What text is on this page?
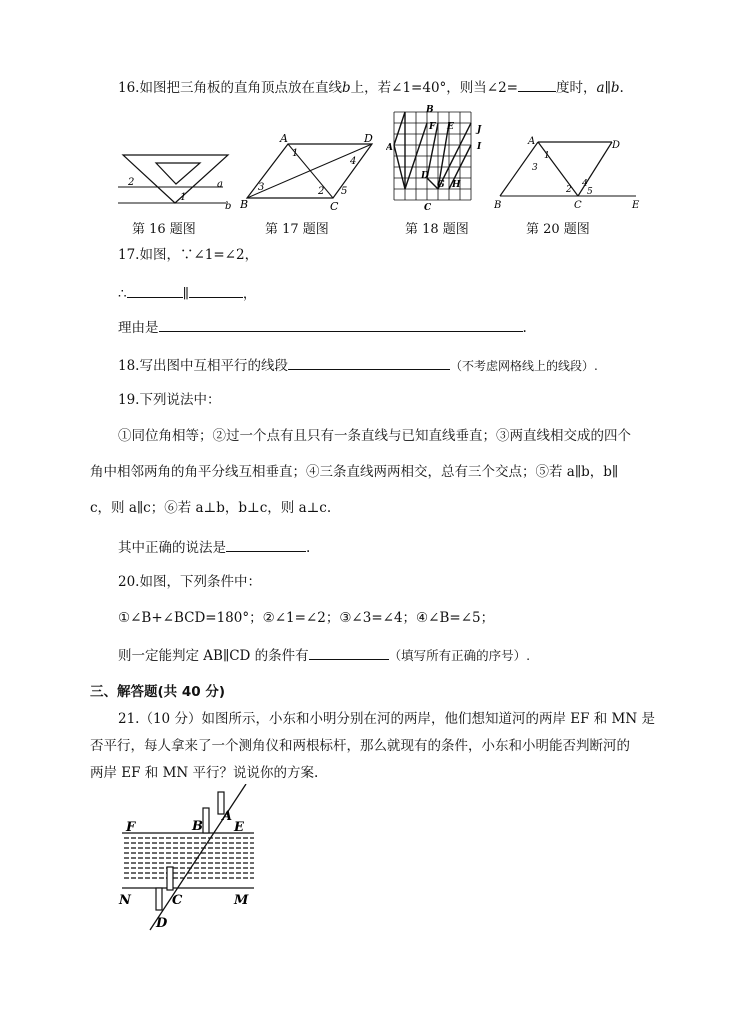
16.如图把三角板的直角顶点放在直线b上，若∠1=40°，则当∠2=	度时，a∥b.
2
1
a
b
A	D
B	C
1
2
3
4
5
B
F E	J
A	I
D
G H
C
A	D
B	C	E
1
2
3
4
5
第 16 题图	第 17 题图	第 18 题图	第 20 题图
17.如图，∵∠1=∠2，
∴	∥	，
理由是	.
18.写出图中互相平行的线段	（不考虑网格线上的线段）.
19.下列说法中：
①同位角相等；②过一个点有且只有一条直线与已知直线垂直；③两直线相交成的四个
角中相邻两角的角平分线互相垂直；④三条直线两两相交，总有三个交点；⑤若 a∥b，b∥
c，则 a∥c；⑥若 a⊥b，b⊥c，则 a⊥c.
其中正确的说法是	.
20.如图，下列条件中：
①∠B+∠BCD=180°；②∠1=∠2；③∠3=∠4；④∠B=∠5；
则一定能判定 AB∥CD 的条件有	（填写所有正确的序号）.
三、解答题(共 40 分)
21.（10 分）如图所示，小东和小明分别在河的两岸，他们想知道河的两岸 EF 和 MN 是
否平行，每人拿来了一个测角仪和两根标杆，那么就现有的条件，小东和小明能否判断河的
两岸 EF 和 MN 平行？说说你的方案.
F	B
A
E
N	C	M
D
